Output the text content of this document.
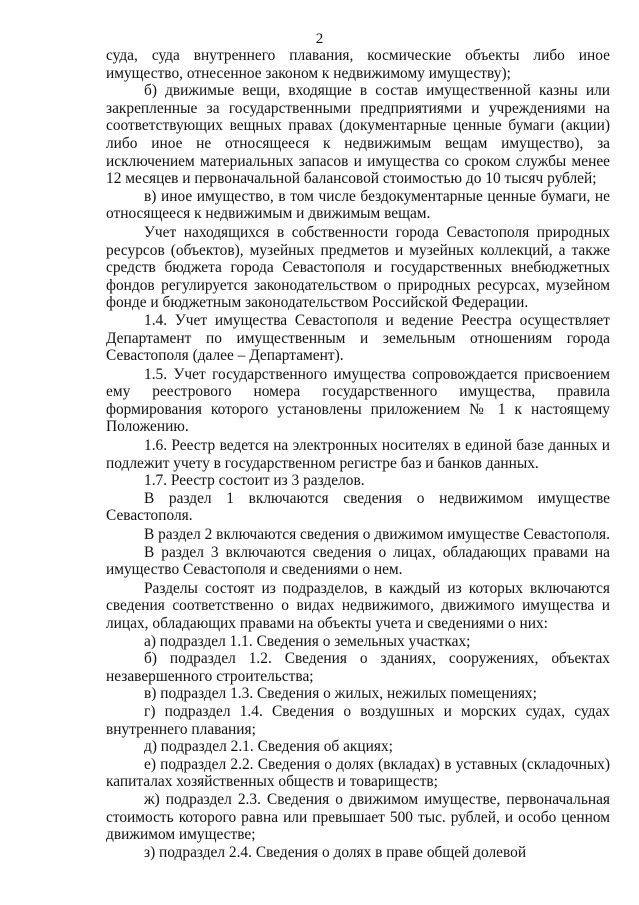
2

суда, суда внутреннего плавания, космические объекты либо иное имущество, отнесенное законом к недвижимому имуществу);

б) движимые вещи, входящие в состав имущественной казны или закрепленные за государственными предприятиями и учреждениями на соответствующих вещных правах (документарные ценные бумаги (акции) либо иное не относящееся к недвижимым вещам имущество), за исключением материальных запасов и имущества со сроком службы менее 12 месяцев и первоначальной балансовой стоимостью до 10 тысяч рублей;

в) иное имущество, в том числе бездокументарные ценные бумаги, не относящееся к недвижимым и движимым вещам.

Учет находящихся в собственности города Севастополя природных ресурсов (объектов), музейных предметов и музейных коллекций, а также средств бюджета города Севастополя и государственных внебюджетных фондов регулируется законодательством о природных ресурсах, музейном фонде и бюджетным законодательством Российской Федерации.

1.4. Учет имущества Севастополя и ведение Реестра осуществляет Департамент по имущественным и земельным отношениям города Севастополя (далее – Департамент).

1.5. Учет государственного имущества сопровождается присвоением ему реестрового номера государственного имущества, правила формирования которого установлены приложением № 1 к настоящему Положению.

1.6. Реестр ведется на электронных носителях в единой базе данных и подлежит учету в государственном регистре баз и банков данных.

1.7. Реестр состоит из 3 разделов.

В раздел 1 включаются сведения о недвижимом имуществе Севастополя.

В раздел 2 включаются сведения о движимом имуществе Севастополя.

В раздел 3 включаются сведения о лицах, обладающих правами на имущество Севастополя и сведениями о нем.

Разделы состоят из подразделов, в каждый из которых включаются сведения соответственно о видах недвижимого, движимого имущества и лицах, обладающих правами на объекты учета и сведениями о них:

а) подраздел 1.1. Сведения о земельных участках;

б) подраздел 1.2. Сведения о зданиях, сооружениях, объектах незавершенного строительства;

в) подраздел 1.3. Сведения о жилых, нежилых помещениях;

г) подраздел 1.4. Сведения о воздушных и морских судах, судах внутреннего плавания;

д) подраздел 2.1. Сведения об акциях;

е) подраздел 2.2. Сведения о долях (вкладах) в уставных (складочных) капиталах хозяйственных обществ и товариществ;

ж) подраздел 2.3. Сведения о движимом имуществе, первоначальная стоимость которого равна или превышает 500 тыс. рублей, и особо ценном движимом имуществе;

з) подраздел 2.4. Сведения о долях в праве общей долевой
